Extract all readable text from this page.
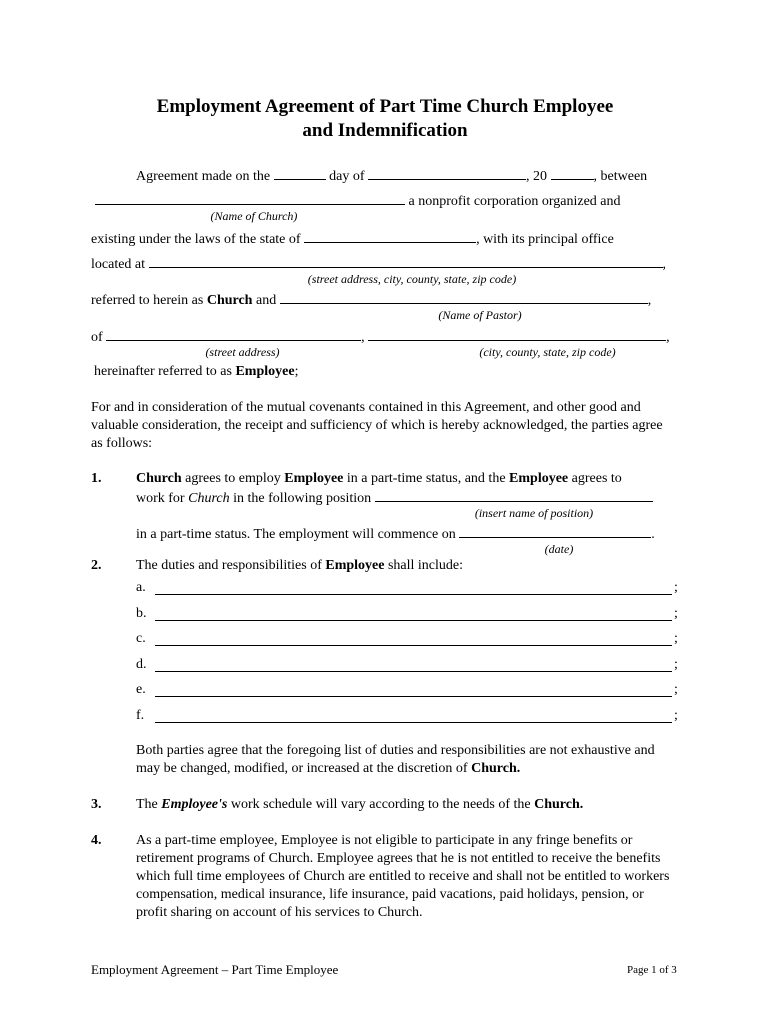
Employment Agreement of Part Time Church Employee
and Indemnification
Agreement made on the	day of	, 20	, between
a nonprofit corporation organized and
(Name of Church)
existing under the laws of the state of	, with its principal office
located at	,
(street address, city, county, state, zip code)
referred to herein as Church and	,
(Name of Pastor)
of	,	,
(street address)	(city, county, state, zip code)
hereinafter referred to as Employee;
For and in consideration of the mutual covenants contained in this Agreement, and other good and valuable consideration, the receipt and sufficiency of which is hereby acknowledged, the parties agree as follows:
1. Church agrees to employ Employee in a part-time status, and the Employee agrees to
work for Church in the following position
(insert name of position)
in a part-time status. The employment will commence on	.
(date)
2. The duties and responsibilities of Employee shall include:
a.	;
b.	;
c.	;
d.	;
e.	;
f.	;
Both parties agree that the foregoing list of duties and responsibilities are not exhaustive and may be changed, modified, or increased at the discretion of Church.
3. The Employee's work schedule will vary according to the needs of the Church.
4. As a part-time employee, Employee is not eligible to participate in any fringe benefits or retirement programs of Church. Employee agrees that he is not entitled to receive the benefits which full time employees of Church are entitled to receive and shall not be entitled to workers compensation, medical insurance, life insurance, paid vacations, paid holidays, pension, or profit sharing on account of his services to Church.
Employment Agreement – Part Time Employee	Page 1 of 3
